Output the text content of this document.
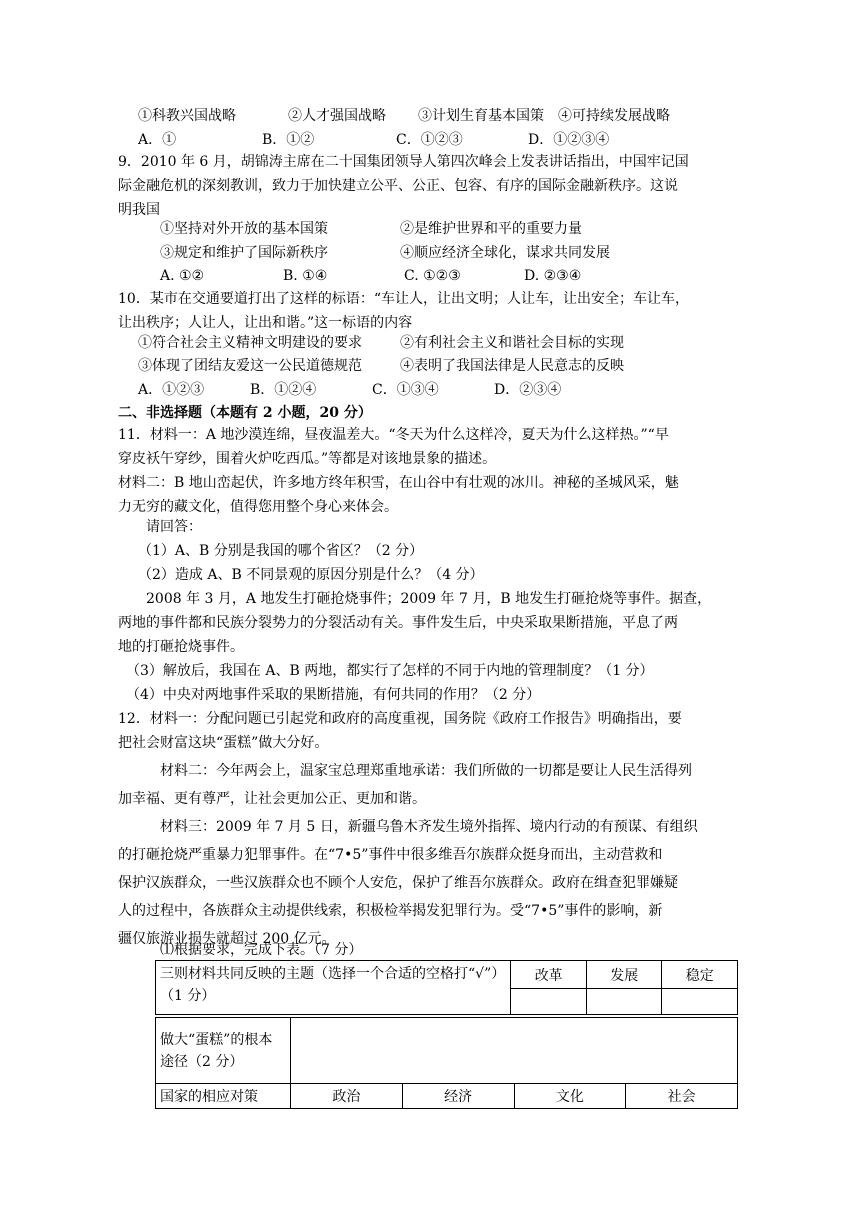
①科教兴国战略	②人才强国战略 ③计划生育基本国策 ④可持续发展战略
A．①	B．①②	C．①②③	D．①②③④
9．2010 年 6 月，胡锦涛主席在二十国集团领导人第四次峰会上发表讲话指出，中国牢记国
际金融危机的深刻教训，致力于加快建立公平、公正、包容、有序的国际金融新秩序。这说
明我国
①坚持对外开放的基本国策	②是维护世界和平的重要力量
③规定和维护了国际新秩序	④顺应经济全球化，谋求共同发展
A. ①②	B. ①④	C. ①②③	D. ②③④
10．某市在交通要道打出了这样的标语：“车让人，让出文明；人让车，让出安全；车让车，
让出秩序；人让人，让出和谐。”这一标语的内容
①符合社会主义精神文明建设的要求	②有利社会主义和谐社会目标的实现
③体现了团结友爱这一公民道德规范	④表明了我国法律是人民意志的反映
A．①②③	B．①②④	C．①③④	D．②③④
二、非选择题（本题有 2 小题，20 分）
11．材料一：A 地沙漠连绵，昼夜温差大。“冬天为什么这样冷，夏天为什么这样热。”“早
穿皮袄午穿纱，围着火炉吃西瓜。”等都是对该地景象的描述。
材料二：B 地山峦起伏，许多地方终年积雪，在山谷中有壮观的冰川。神秘的圣城风采，魅
力无穷的藏文化，值得您用整个身心来体会。
请回答：
（1）A、B 分别是我国的哪个省区？（2 分）
（2）造成 A、B 不同景观的原因分别是什么？（4 分）
2008 年 3 月，A 地发生打砸抢烧事件；2009 年 7 月，B 地发生打砸抢烧等事件。据查，
两地的事件都和民族分裂势力的分裂活动有关。事件发生后，中央采取果断措施，平息了两
地的打砸抢烧事件。
（3）解放后，我国在 A、B 两地，都实行了怎样的不同于内地的管理制度？（1 分）
（4）中央对两地事件采取的果断措施，有何共同的作用？（2 分）
12．材料一：分配问题已引起党和政府的高度重视，国务院《政府工作报告》明确指出，要
把社会财富这块“蛋糕”做大分好。
材料二：今年两会上，温家宝总理郑重地承诺：我们所做的一切都是要让人民生活得列
加幸福、更有尊严，让社会更加公正、更加和谐。
材料三：2009 年 7 月 5 日，新疆乌鲁木齐发生境外指挥、境内行动的有预谋、有组织
的打砸抢烧严重暴力犯罪事件。在“7•5”事件中很多维吾尔族群众挺身而出，主动营救和
保护汉族群众，一些汉族群众也不顾个人安危，保护了维吾尔族群众。政府在缉查犯罪嫌疑
人的过程中，各族群众主动提供线索，积极检举揭发犯罪行为。受“7•5”事件的影响，新
疆仅旅游业损失就超过 200 亿元。
⑴根据要求，完成下表。（7 分）
三则材料共同反映的主题（选择一个合适的空格打“√”）（1 分）	改革	发展	稳定

做大“蛋糕”的根本途径（2 分）				
国家的相应对策	政治	经济	文化	社会
